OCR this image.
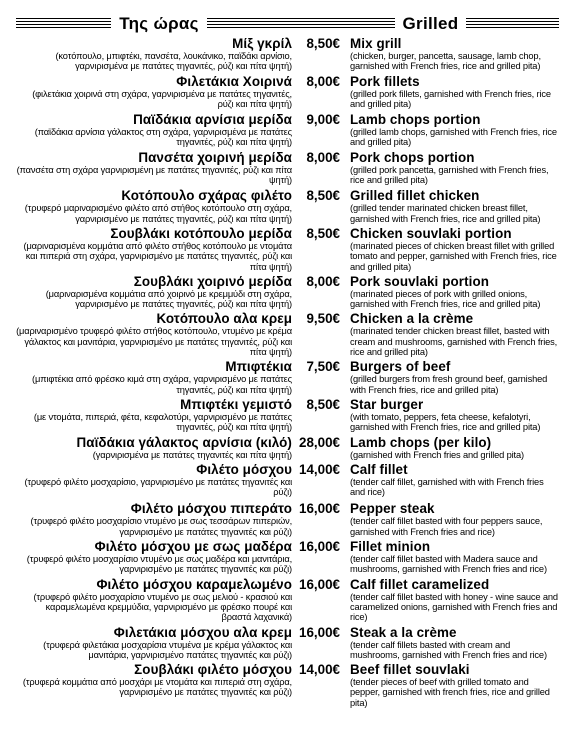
Της ώρας	Grilled
Μίξ γκρίλ
(κοτόπουλο, μπιφτέκι, πανσέτα, λουκάνικο, παϊδάκι αρνίσιο, γαρνιρισμένα με πατάτες τηγανιτές, ρύζι και πίτα ψητή)
8,50€ Mix grill
(chicken, burger, pancetta, sausage, lamb chop, garnished with French fries, rice and grilled pita)
Φιλετάκια Χοιρινά
(φιλετάκια χοιρινά στη σχάρα, γαρνιρισμένα με πατάτες τηγανιτές, ρύζι και πίτα ψητή)
8,00€ Pork fillets
(grilled pork fillets, garnished with French fries, rice and grilled pita)
Παϊδάκια αρνίσια μερίδα
(παϊδάκια αρνίσια γάλακτος στη σχάρα, γαρνιρισμένα με πατάτες τηγανιτές, ρύζι και πίτα ψητή)
9,00€ Lamb chops portion
(grilled lamb chops, garnished with French fries, rice and grilled pita)
Πανσέτα χοιρινή μερίδα
(πανσέτα στη σχάρα γαρνιρισμένη με πατάτες τηγανιτές, ρύζι και πίτα ψητή)
8,00€ Pork chops portion
(grilled pork pancetta, garnished with French fries, rice and grilled pita)
Κοτόπουλο σχάρας φιλέτο
(τρυφερό μαριναρισμένο φιλέτο από στήθος κοτόπουλο στη σχάρα, γαρνιρισμένο με πατάτες τηγανιτές, ρύζι και πίτα ψητή)
8,50€ Grilled fillet chicken
(grilled tender marinated chicken breast fillet, garnished with French fries, rice and grilled pita)
Σουβλάκι κοτόπουλο μερίδα
(μαριναρισμένα κομμάτια από φιλέτο στήθος κοτόπουλο με ντομάτα και πιπεριά στη σχάρα, γαρνιρισμένο με πατάτες τηγανιτές, ρύζι και πίτα ψητή)
8,50€ Chicken souvlaki portion
(marinated pieces of chicken breast fillet with grilled tomato and pepper, garnished with French fries, rice and grilled pita)
Σουβλάκι χοιρινό μερίδα
(μαριναρισμένα κομμάτια από χοιρινό με κρεμμύδι στη σχάρα, γαρνιρισμένο με πατάτες τηγανιτές, ρύζι και πίτα ψητή)
8,00€ Pork souvlaki portion
(marinated pieces of pork with grilled onions, garnished with French fries, rice and grilled pita)
Κοτόπουλο αλα κρεμ
(μαριναρισμένο τρυφερό φιλέτο στήθος κοτόπουλο, ντυμένο με κρέμα γάλακτος και μανιτάρια, γαρνιρισμένο με πατάτες τηγανιτές, ρύζι και πίτα ψητή)
9,50€ Chicken a la crème
(marinated tender chicken breast fillet, basted with cream and mushrooms, garnished with French fries, rice and grilled pita)
Μπιφτέκια
(μπιφτέκια από φρέσκο κιμά στη σχάρα, γαρνιρισμένο με πατάτες τηγανιτές, ρύζι και πίτα ψητή)
7,50€ Burgers of beef
(grilled burgers from fresh ground beef, garnished with French fries, rice and grilled pita)
Μπιφτέκι γεμιστό
(με ντομάτα, πιπεριά, φέτα, κεφαλοτύρι, γαρνιρισμένο με πατάτες τηγανιτές, ρύζι και πίτα ψητή)
8,50€ Star burger
(with tomato, peppers, feta cheese, kefalotyri, garnished with French fries, rice and grilled pita)
Παϊδάκια γάλακτος αρνίσια (κιλό)
(γαρνιρισμένα με πατάτες τηγανιτές και πίτα ψητή)
28,00€ Lamb chops (per kilo)
(garnished with French fries and grilled pita)
Φιλέτο μόσχου
(τρυφερό φιλέτο μοσχαρίσιο, γαρνιρισμένο με πατάτες τηγανιτές και ρύζι)
14,00€ Calf fillet
(tender calf fillet, garnished with with French fries and rice)
Φιλέτο μόσχου πιπεράτο
(τρυφερό φιλέτο μοσχαρίσιο ντυμένο με σως τεσσάρων πιπεριών, γαρνιρισμένο με πατάτες τηγανιτές και ρύζι)
16,00€ Pepper steak
(tender calf fillet basted with four peppers sauce, garnished with French fries and rice)
Φιλέτο μόσχου με σως μαδέρα
(τρυφερό φιλέτο μοσχαρίσιο ντυμένο με σως μαδέρα και μανιτάρια, γαρνιρισμένο με πατάτες τηγανιτές και ρύζι)
16,00€ Fillet minion
(tender calf fillet basted with Madera sauce and mushrooms, garnished with French fries and rice)
Φιλέτο μόσχου καραμελωμένο
(τρυφερό φιλέτο μοσχαρίσιο ντυμένο με σως μελιού - κρασιού και καραμελωμένα κρεμμύδια, γαρνιρισμένο με φρέσκο πουρέ και βραστά λαχανικά)
16,00€ Calf fillet caramelized
(tender calf fillet basted with honey - wine sauce and caramelized onions, garnished with French fries and rice)
Φιλετάκια μόσχου αλα κρεμ
(τρυφερά φιλετάκια μοσχαρίσια ντυμένα με κρέμα γάλακτος και μανιτάρια, γαρνιρισμένο πατάτες τηγανιτές και ρύζι)
16,00€ Steak a la crème
(tender calf fillets basted with cream and mushrooms, garnished with French fries and rice)
Σουβλάκι φιλέτο μόσχου
(τρυφερά κομμάτια από μοσχάρι με ντομάτα και πιπεριά στη σχάρα, γαρνιρισμένο με πατάτες τηγανιτές και ρύζι)
14,00€ Beef fillet souvlaki
(tender pieces of beef with grilled tomato and pepper, garnished with french fries, rice and grilled pita)
